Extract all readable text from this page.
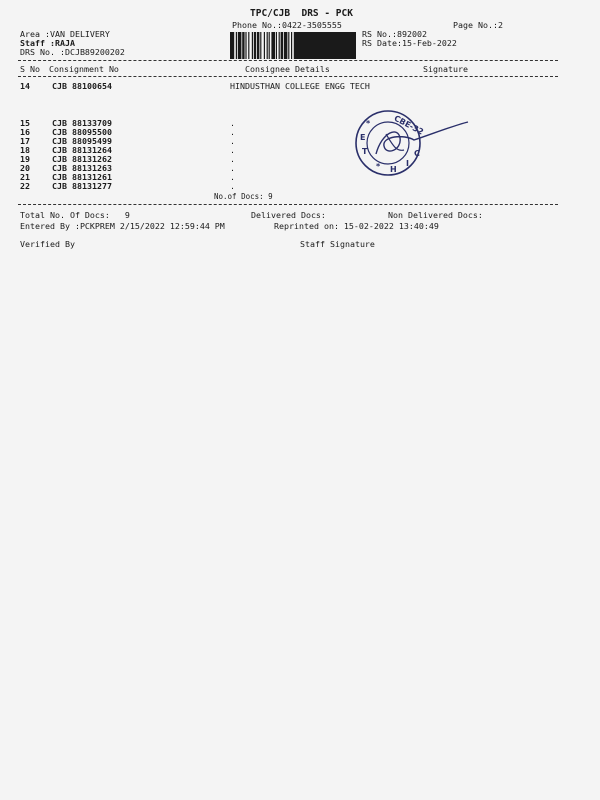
TPC/CJB  DRS - PCK
Phone No.:0422-3505555	Page No.:2
Area :VAN DELIVERY
Staff :RAJA
DRS No. :DCJB89200202
RS No.:892002
RS Date:15-Feb-2022
S No Consignment No	Consignee Details	Signature
14	CJB 88100654	HINDUSTHAN COLLEGE ENGG TECH
15	CJB 88133709	.
16	CJB 88095500	.
17	CJB 88095499	.
18	CJB 88131264	.
19	CJB 88131262	.
20	CJB 88131263	.
21	CJB 88131261	.
22	CJB 88131277	.
No.of Docs: 9
CBE-32
E
T
* H
I
C
*
Total No. Of Docs:   9	Delivered Docs:	Non Delivered Docs:
Entered By :PCKPREM 2/15/2022 12:59:44 PM	Reprinted on: 15-02-2022 13:40:49
Verified By	Staff Signature
